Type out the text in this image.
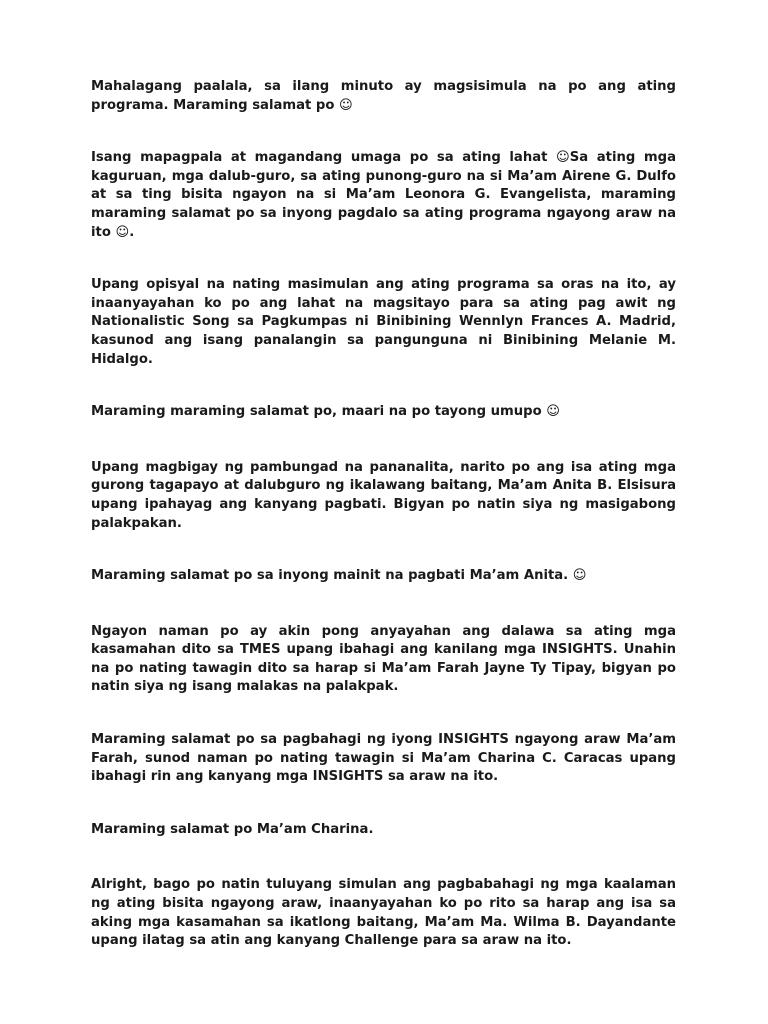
Mahalagang paalala, sa ilang minuto ay magsisimula na po ang ating programa. Maraming salamat po ☺

Isang mapagpala at magandang umaga po sa ating lahat ☺Sa ating mga kaguruan, mga dalub-guro, sa ating punong-guro na si Ma’am Airene G. Dulfo at sa ting bisita ngayon na si Ma’am Leonora G. Evangelista, maraming maraming salamat po sa inyong pagdalo sa ating programa ngayong araw na ito ☺.

Upang opisyal na nating masimulan ang ating programa sa oras na ito, ay inaanyayahan ko po ang lahat na magsitayo para sa ating pag awit ng Nationalistic Song sa Pagkumpas ni Binibining Wennlyn Frances A. Madrid, kasunod ang isang panalangin sa pangunguna ni Binibining Melanie M. Hidalgo.

Maraming maraming salamat po, maari na po tayong umupo ☺

Upang magbigay ng pambungad na pananalita, narito po ang isa ating mga gurong tagapayo at dalubguro ng ikalawang baitang, Ma’am Anita B. Elsisura upang ipahayag ang kanyang pagbati. Bigyan po natin siya ng masigabong palakpakan.

Maraming salamat po sa inyong mainit na pagbati Ma’am Anita. ☺

Ngayon naman po ay akin pong anyayahan ang dalawa sa ating mga kasamahan dito sa TMES upang ibahagi ang kanilang mga INSIGHTS. Unahin na po nating tawagin dito sa harap si Ma’am Farah Jayne Ty Tipay, bigyan po natin siya ng isang malakas na palakpak.

Maraming salamat po sa pagbahagi ng iyong INSIGHTS ngayong araw Ma’am Farah, sunod naman po nating tawagin si Ma’am Charina C. Caracas upang ibahagi rin ang kanyang mga INSIGHTS sa araw na ito.

Maraming salamat po Ma’am Charina.

Alright, bago po natin tuluyang simulan ang pagbabahagi ng mga kaalaman ng ating bisita ngayong araw, inaanyayahan ko po rito sa harap ang isa sa aking mga kasamahan sa ikatlong baitang, Ma’am Ma. Wilma B. Dayandante upang ilatag sa atin ang kanyang Challenge para sa araw na ito.
